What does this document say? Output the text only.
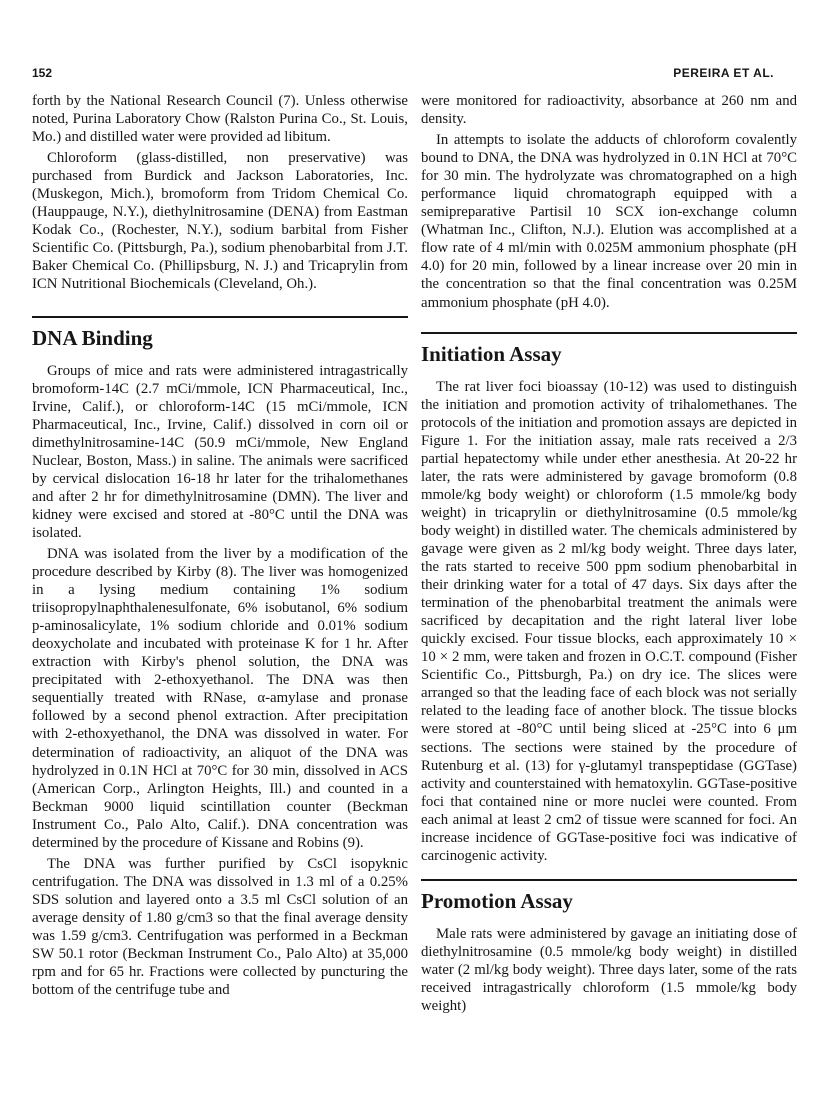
152	PEREIRA ET AL.

forth by the National Research Council (7). Unless otherwise noted, Purina Laboratory Chow (Ralston Purina Co., St. Louis, Mo.) and distilled water were provided ad libitum.

Chloroform (glass-distilled, non preservative) was purchased from Burdick and Jackson Laboratories, Inc. (Muskegon, Mich.), bromoform from Tridom Chemical Co. (Hauppauge, N.Y.), diethylnitrosamine (DENA) from Eastman Kodak Co., (Rochester, N.Y.), sodium barbital from Fisher Scientific Co. (Pittsburgh, Pa.), sodium phenobarbital from J.T. Baker Chemical Co. (Phillipsburg, N. J.) and Tricaprylin from ICN Nutritional Biochemicals (Cleveland, Oh.).

DNA Binding

Groups of mice and rats were administered intragastrically bromoform-14C (2.7 mCi/mmole, ICN Pharmaceutical, Inc., Irvine, Calif.), or chloroform-14C (15 mCi/mmole, ICN Pharmaceutical, Inc., Irvine, Calif.) dissolved in corn oil or dimethylnitrosamine-14C (50.9 mCi/mmole, New England Nuclear, Boston, Mass.) in saline. The animals were sacrificed by cervical dislocation 16-18 hr later for the trihalomethanes and after 2 hr for dimethylnitrosamine (DMN). The liver and kidney were excised and stored at -80°C until the DNA was isolated.

DNA was isolated from the liver by a modification of the procedure described by Kirby (8). The liver was homogenized in a lysing medium containing 1% sodium triisopropylnaphthalenesulfonate, 6% isobutanol, 6% sodium p-aminosalicylate, 1% sodium chloride and 0.01% sodium deoxycholate and incubated with proteinase K for 1 hr. After extraction with Kirby's phenol solution, the DNA was precipitated with 2-ethoxyethanol. The DNA was then sequentially treated with RNase, α-amylase and pronase followed by a second phenol extraction. After precipitation with 2-ethoxyethanol, the DNA was dissolved in water. For determination of radioactivity, an aliquot of the DNA was hydrolyzed in 0.1N HCl at 70°C for 30 min, dissolved in ACS (American Corp., Arlington Heights, Ill.) and counted in a Beckman 9000 liquid scintillation counter (Beckman Instrument Co., Palo Alto, Calif.). DNA concentration was determined by the procedure of Kissane and Robins (9).

The DNA was further purified by CsCl isopyknic centrifugation. The DNA was dissolved in 1.3 ml of a 0.25% SDS solution and layered onto a 3.5 ml CsCl solution of an average density of 1.80 g/cm3 so that the final average density was 1.59 g/cm3. Centrifugation was performed in a Beckman SW 50.1 rotor (Beckman Instrument Co., Palo Alto) at 35,000 rpm and for 65 hr. Fractions were collected by puncturing the bottom of the centrifuge tube and

were monitored for radioactivity, absorbance at 260 nm and density.

In attempts to isolate the adducts of chloroform covalently bound to DNA, the DNA was hydrolyzed in 0.1N HCl at 70°C for 30 min. The hydrolyzate was chromatographed on a high performance liquid chromatograph equipped with a semipreparative Partisil 10 SCX ion-exchange column (Whatman Inc., Clifton, N.J.). Elution was accomplished at a flow rate of 4 ml/min with 0.025M ammonium phosphate (pH 4.0) for 20 min, followed by a linear increase over 20 min in the concentration so that the final concentration was 0.25M ammonium phosphate (pH 4.0).

Initiation Assay

The rat liver foci bioassay (10-12) was used to distinguish the initiation and promotion activity of trihalomethanes. The protocols of the initiation and promotion assays are depicted in Figure 1. For the initiation assay, male rats received a 2/3 partial hepatectomy while under ether anesthesia. At 20-22 hr later, the rats were administered by gavage bromoform (0.8 mmole/kg body weight) or chloroform (1.5 mmole/kg body weight) in tricaprylin or diethylnitrosamine (0.5 mmole/kg body weight) in distilled water. The chemicals administered by gavage were given as 2 ml/kg body weight. Three days later, the rats started to receive 500 ppm sodium phenobarbital in their drinking water for a total of 47 days. Six days after the termination of the phenobarbital treatment the animals were sacrificed by decapitation and the right lateral liver lobe quickly excised. Four tissue blocks, each approximately 10 × 10 × 2 mm, were taken and frozen in O.C.T. compound (Fisher Scientific Co., Pittsburgh, Pa.) on dry ice. The slices were arranged so that the leading face of each block was not serially related to the leading face of another block. The tissue blocks were stored at -80°C until being sliced at -25°C into 6 μm sections. The sections were stained by the procedure of Rutenburg et al. (13) for γ-glutamyl transpeptidase (GGTase) activity and counterstained with hematoxylin. GGTase-positive foci that contained nine or more nuclei were counted. From each animal at least 2 cm2 of tissue were scanned for foci. An increase incidence of GGTase-positive foci was indicative of carcinogenic activity.

Promotion Assay

Male rats were administered by gavage an initiating dose of diethylnitrosamine (0.5 mmole/kg body weight) in distilled water (2 ml/kg body weight). Three days later, some of the rats received intragastrically chloroform (1.5 mmole/kg body weight)
